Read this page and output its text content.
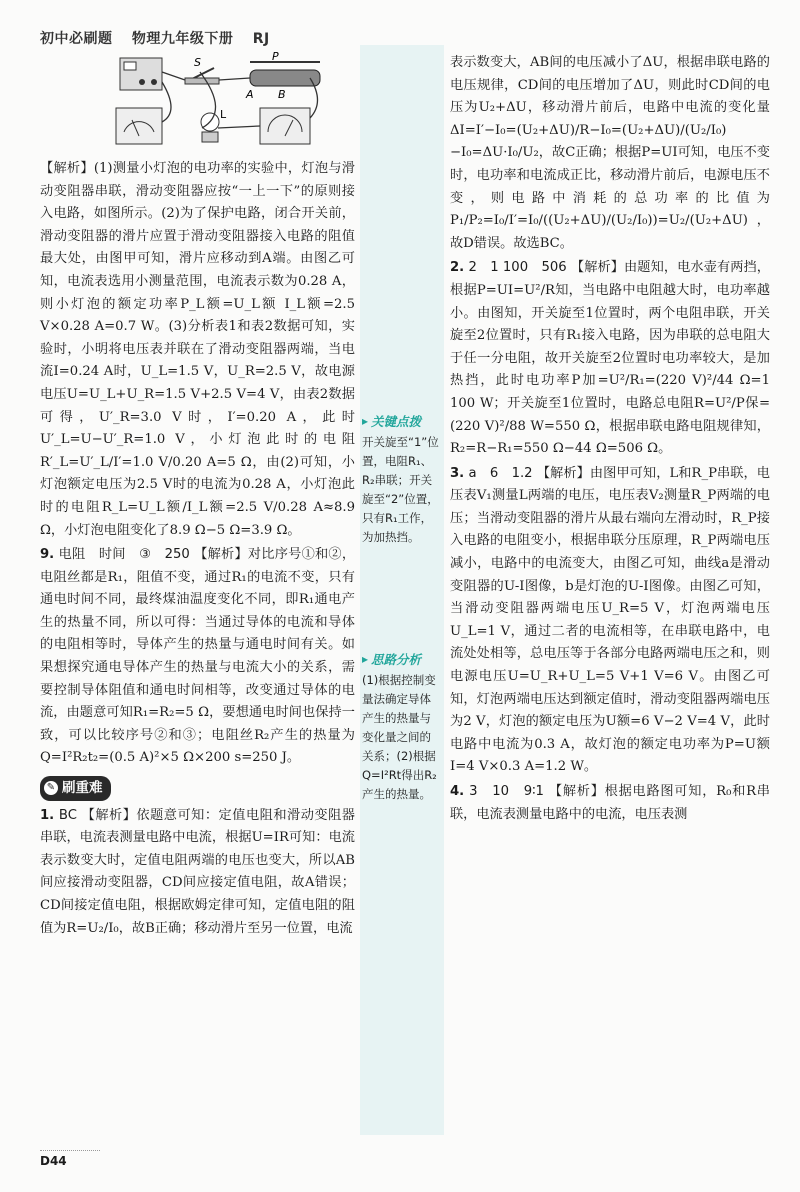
初中必刷题 物理九年级下册 RJ
S	P
A B
L
▸ 关键点拨
开关旋至“1”位置，电阻R₁、R₂串联；开关旋至“2”位置，只有R₁工作，为加热挡。
▸ 思路分析
(1)根据控制变量法确定导体产生的热量与变化量之间的关系；(2)根据Q=I²Rt得出R₂产生的热量。

【解析】(1)测量小灯泡的电功率的实验中，灯泡与滑动变阻器串联，滑动变阻器应按“一上一下”的原则接入电路，如图所示。(2)为了保护电路，闭合开关前，滑动变阻器的滑片应置于滑动变阻器接入电路的阻值最大处，由图甲可知，滑片应移动到A端。由图乙可知，电流表选用小测量范围，电流表示数为0.28 A，则小灯泡的额定功率P_L额=U_L额 I_L额=2.5 V×0.28 A=0.7 W。(3)分析表1和表2数据可知，实验时，小明将电压表并联在了滑动变阻器两端，当电流I=0.24 A时，U_L=1.5 V，U_R=2.5 V，故电源电压U=U_L+U_R=1.5 V+2.5 V=4 V，由表2数据可得，U′_R=3.0 V时，I′=0.20 A，此时U′_L=U−U′_R=1.0 V，小灯泡此时的电阻R′_L=U′_L/I′=1.0 V/0.20 A=5 Ω，由(2)可知，小灯泡额定电压为2.5 V时的电流为0.28 A，小灯泡此时的电阻R_L=U_L额/I_L额=2.5 V/0.28 A≈8.9 Ω，小灯泡电阻变化了8.9 Ω−5 Ω=3.9 Ω。

9. 电阻　时间　③　250 【解析】对比序号①和②，电阻丝都是R₁，阻值不变，通过R₁的电流不变，只有通电时间不同，最终煤油温度变化不同，即R₁通电产生的热量不同，所以可得：当通过导体的电流和导体的电阻相等时，导体产生的热量与通电时间有关。如果想探究通电导体产生的热量与电流大小的关系，需要控制导体阻值和通电时间相等，改变通过导体的电流，由题意可知R₁=R₂=5 Ω，要想通电时间也保持一致，可以比较序号②和③；电阻丝R₂产生的热量为Q=I²R₂t₂=(0.5 A)²×5 Ω×200 s=250 J。

✎ 刷重难

1. BC 【解析】依题意可知：定值电阻和滑动变阻器串联，电流表测量电路中电流，根据U=IR可知：电流表示数变大时，定值电阻两端的电压也变大，所以AB间应接滑动变阻器，CD间应接定值电阻，故A错误；CD间接定值电阻，根据欧姆定律可知，定值电阻的阻值为R=U₂/I₀，故B正确；移动滑片至另一位置，电流

表示数变大，AB间的电压减小了ΔU，根据串联电路的电压规律，CD间的电压增加了ΔU，则此时CD间的电压为U₂+ΔU，移动滑片前后，电路中电流的变化量ΔI=I′−I₀=(U₂+ΔU)/R−I₀=(U₂+ΔU)/(U₂/I₀)−I₀=ΔU·I₀/U₂，故C正确；根据P=UI可知，电压不变时，电功率和电流成正比，移动滑片前后，电源电压不变，则电路中消耗的总功率的比值为P₁/P₂=I₀/I′=I₀/((U₂+ΔU)/(U₂/I₀))=U₂/(U₂+ΔU)，故D错误。故选BC。

2. 2　1 100　506 【解析】由题知，电水壶有两挡，根据P=UI=U²/R知，当电路中电阻越大时，电功率越小。由图知，开关旋至1位置时，两个电阻串联，开关旋至2位置时，只有R₁接入电路，因为串联的总电阻大于任一分电阻，故开关旋至2位置时电功率较大，是加热挡，此时电功率P加=U²/R₁=(220 V)²/44 Ω=1 100 W；开关旋至1位置时，电路总电阻R=U²/P保=(220 V)²/88 W=550 Ω，根据串联电路电阻规律知，R₂=R−R₁=550 Ω−44 Ω=506 Ω。

3. a　6　1.2 【解析】由图甲可知，L和R_P串联，电压表V₁测量L两端的电压，电压表V₂测量R_P两端的电压；当滑动变阻器的滑片从最右端向左滑动时，R_P接入电路的电阻变小，根据串联分压原理，R_P两端电压减小，电路中的电流变大，由图乙可知，曲线a是滑动变阻器的U-I图像，b是灯泡的U-I图像。由图乙可知，当滑动变阻器两端电压U_R=5 V，灯泡两端电压U_L=1 V，通过二者的电流相等，在串联电路中，电流处处相等，总电压等于各部分电路两端电压之和，则电源电压U=U_R+U_L=5 V+1 V=6 V。由图乙可知，灯泡两端电压达到额定值时，滑动变阻器两端电压为2 V，灯泡的额定电压为U额=6 V−2 V=4 V，此时电路中电流为0.3 A，故灯泡的额定电功率为P=U额 I=4 V×0.3 A=1.2 W。

4. 3　10　9∶1 【解析】根据电路图可知，R₀和R串联，电流表测量电路中的电流，电压表测

D44
